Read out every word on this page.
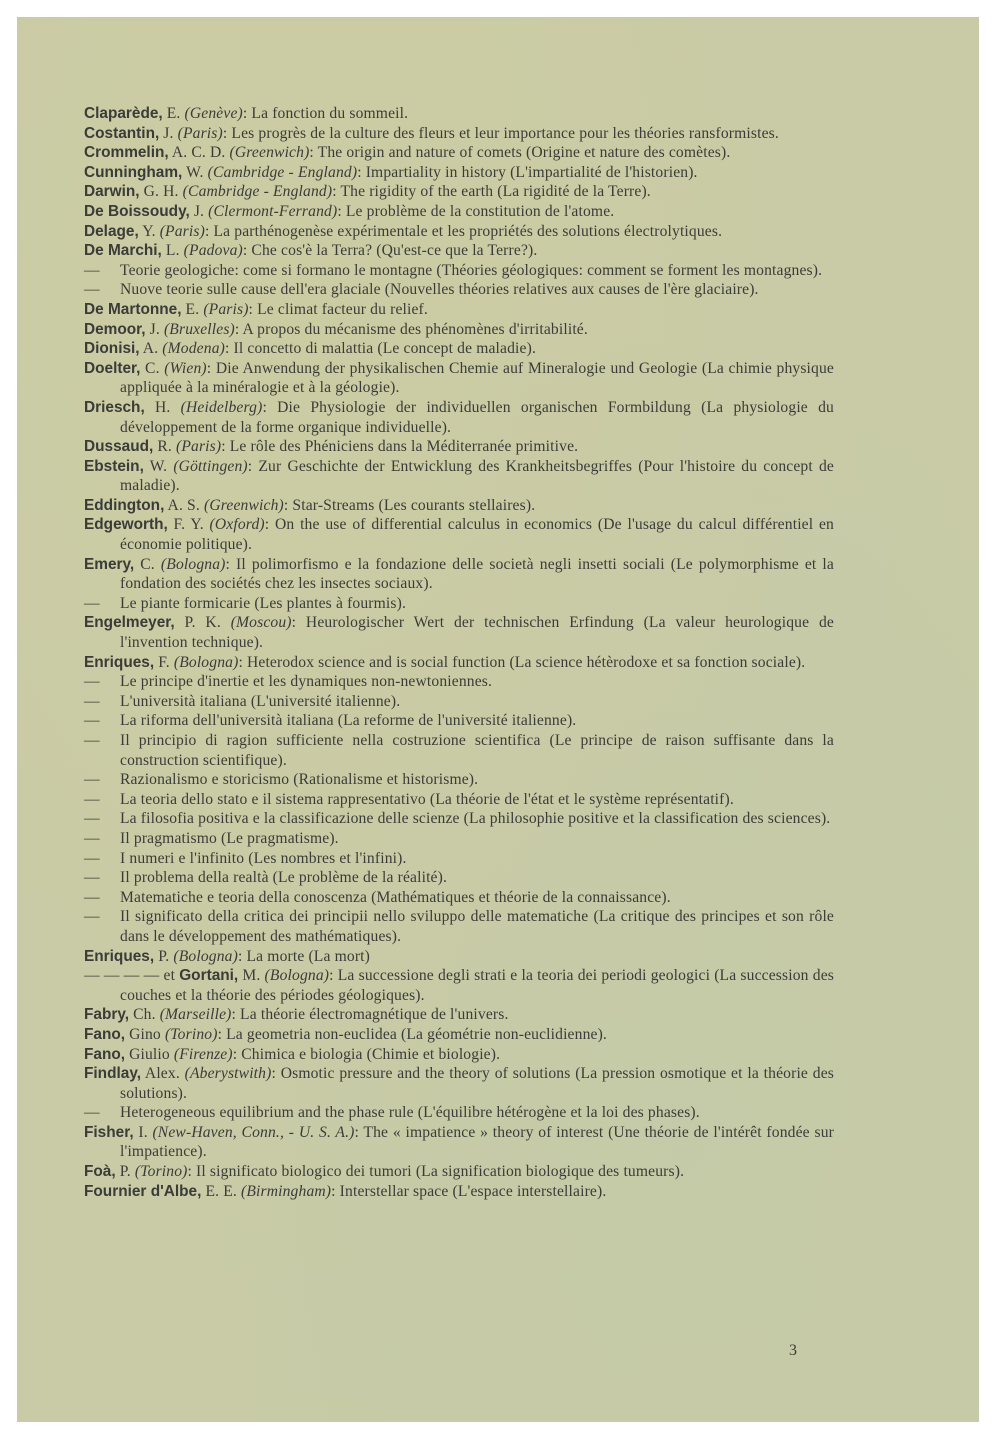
Claparède, E. (Genève): La fonction du sommeil.

Costantin, J. (Paris): Les progrès de la culture des fleurs et leur importance pour les théories ransformistes.

Crommelin, A. C. D. (Greenwich): The origin and nature of comets (Origine et nature des comètes).

Cunningham, W. (Cambridge - England): Impartiality in history (L'impartialité de l'historien).

Darwin, G. H. (Cambridge - England): The rigidity of the earth (La rigidité de la Terre).

De Boissoudy, J. (Clermont-Ferrand): Le problème de la constitution de l'atome.

Delage, Y. (Paris): La parthénogenèse expérimentale et les propriétés des solutions électrolytiques.

De Marchi, L. (Padova): Che cos'è la Terra? (Qu'est-ce que la Terre?).

— Teorie geologiche: come si formano le montagne (Théories géologiques: comment se forment les montagnes).

— Nuove teorie sulle cause dell'era glaciale (Nouvelles théories relatives aux causes de l'ère glaciaire).

De Martonne, E. (Paris): Le climat facteur du relief.

Demoor, J. (Bruxelles): A propos du mécanisme des phénomènes d'irritabilité.

Dionisi, A. (Modena): Il concetto di malattia (Le concept de maladie).

Doelter, C. (Wien): Die Anwendung der physikalischen Chemie auf Mineralogie und Geologie (La chimie physique appliquée à la minéralogie et à la géologie).

Driesch, H. (Heidelberg): Die Physiologie der individuellen organischen Formbildung (La physiologie du développement de la forme organique individuelle).

Dussaud, R. (Paris): Le rôle des Phéniciens dans la Méditerranée primitive.

Ebstein, W. (Göttingen): Zur Geschichte der Entwicklung des Krankheitsbegriffes (Pour l'histoire du concept de maladie).

Eddington, A. S. (Greenwich): Star-Streams (Les courants stellaires).

Edgeworth, F. Y. (Oxford): On the use of differential calculus in economics (De l'usage du calcul différentiel en économie politique).

Emery, C. (Bologna): Il polimorfismo e la fondazione delle società negli insetti sociali (Le polymorphisme et la fondation des sociétés chez les insectes sociaux).

— Le piante formicarie (Les plantes à fourmis).

Engelmeyer, P. K. (Moscou): Heurologischer Wert der technischen Erfindung (La valeur heurologique de l'invention technique).

Enriques, F. (Bologna): Heterodox science and is social function (La science hétèrodoxe et sa fonction sociale).

— Le principe d'inertie et les dynamiques non-newtoniennes.

— L'università italiana (L'université italienne).

— La riforma dell'università italiana (La reforme de l'université italienne).

— Il principio di ragion sufficiente nella costruzione scientifica (Le principe de raison suffisante dans la construction scientifique).

— Razionalismo e storicismo (Rationalisme et historisme).

— La teoria dello stato e il sistema rappresentativo (La théorie de l'état et le système représentatif).

— La filosofia positiva e la classificazione delle scienze (La philosophie positive et la classification des sciences).

— Il pragmatismo (Le pragmatisme).

— I numeri e l'infinito (Les nombres et l'infini).

— Il problema della realtà (Le problème de la réalité).

— Matematiche e teoria della conoscenza (Mathématiques et théorie de la connaissance).

— Il significato della critica dei principii nello sviluppo delle matematiche (La critique des principes et son rôle dans le développement des mathématiques).

Enriques, P. (Bologna): La morte (La mort)

— — — — et Gortani, M. (Bologna): La successione degli strati e la teoria dei periodi geologici (La succession des couches et la théorie des périodes géologiques).

Fabry, Ch. (Marseille): La théorie électromagnétique de l'univers.

Fano, Gino (Torino): La geometria non-euclidea (La géométrie non-euclidienne).

Fano, Giulio (Firenze): Chimica e biologia (Chimie et biologie).

Findlay, Alex. (Aberystwith): Osmotic pressure and the theory of solutions (La pression osmotique et la théorie des solutions).

— Heterogeneous equilibrium and the phase rule (L'équilibre hétérogène et la loi des phases).

Fisher, I. (New-Haven, Conn., - U. S. A.): The « impatience » theory of interest (Une théorie de l'intérêt fondée sur l'impatience).

Foà, P. (Torino): Il significato biologico dei tumori (La signification biologique des tumeurs).

Fournier d'Albe, E. E. (Birmingham): Interstellar space (L'espace interstellaire).

3
